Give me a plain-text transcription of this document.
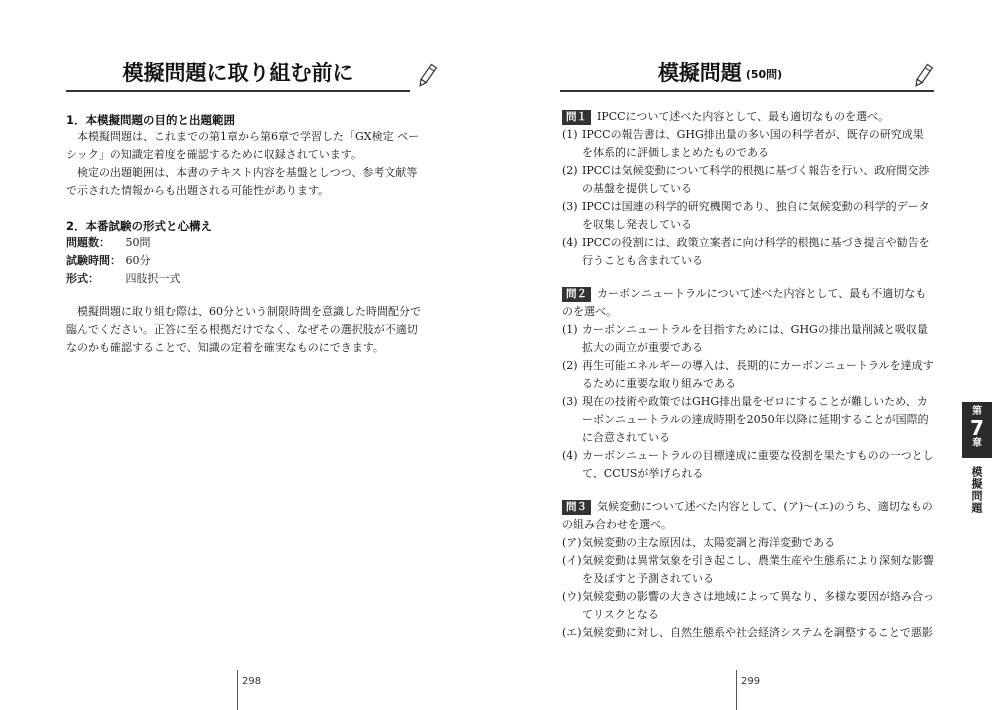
模擬問題に取り組む前に
1．本模擬問題の目的と出題範囲

本模擬問題は、これまでの第1章から第6章で学習した「GX検定 ベーシック」の知識定着度を確認するために収録されています。

検定の出題範囲は、本書のテキスト内容を基盤としつつ、参考文献等で示された情報からも出題される可能性があります。

2．本番試験の形式と心構え
問題数： 50問
試験時間： 60分
形式： 四肢択一式

模擬問題に取り組む際は、60分という制限時間を意識した時間配分で臨んでください。正答に至る根拠だけでなく、なぜその選択肢が不適切なのかも確認することで、知識の定着を確実なものにできます。

298
模擬問題 (50問)

問１ IPCCについて述べた内容として、最も適切なものを選べ。

(1) IPCCの報告書は、GHG排出量の多い国の科学者が、既存の研究成果を体系的に評価しまとめたものである

(2) IPCCは気候変動について科学的根拠に基づく報告を行い、政府間交渉の基盤を提供している

(3) IPCCは国連の科学的研究機関であり、独自に気候変動の科学的データを収集し発表している

(4) IPCCの役割には、政策立案者に向け科学的根拠に基づき提言や勧告を行うことも含まれている

問２ カーボンニュートラルについて述べた内容として、最も不適切なものを選べ。

(1) カーボンニュートラルを目指すためには、GHGの排出量削減と吸収量拡大の両立が重要である

(2) 再生可能エネルギーの導入は、長期的にカーボンニュートラルを達成するために重要な取り組みである

(3) 現在の技術や政策ではGHG排出量をゼロにすることが難しいため、カーボンニュートラルの達成時期を2050年以降に延期することが国際的に合意されている

(4) カーボンニュートラルの目標達成に重要な役割を果たすものの一つとして、CCUSが挙げられる

問３ 気候変動について述べた内容として、(ア)～(エ)のうち、適切なものの組み合わせを選べ。

(ア)気候変動の主な原因は、太陽変調と海洋変動である

(イ)気候変動は異常気象を引き起こし、農業生産や生態系により深刻な影響を及ぼすと予測されている

(ウ)気候変動の影響の大きさは地域によって異なり、多様な要因が絡み合ってリスクとなる

(エ)気候変動に対し、自然生態系や社会経済システムを調整することで悪影

第
7
章
模擬問題
299
